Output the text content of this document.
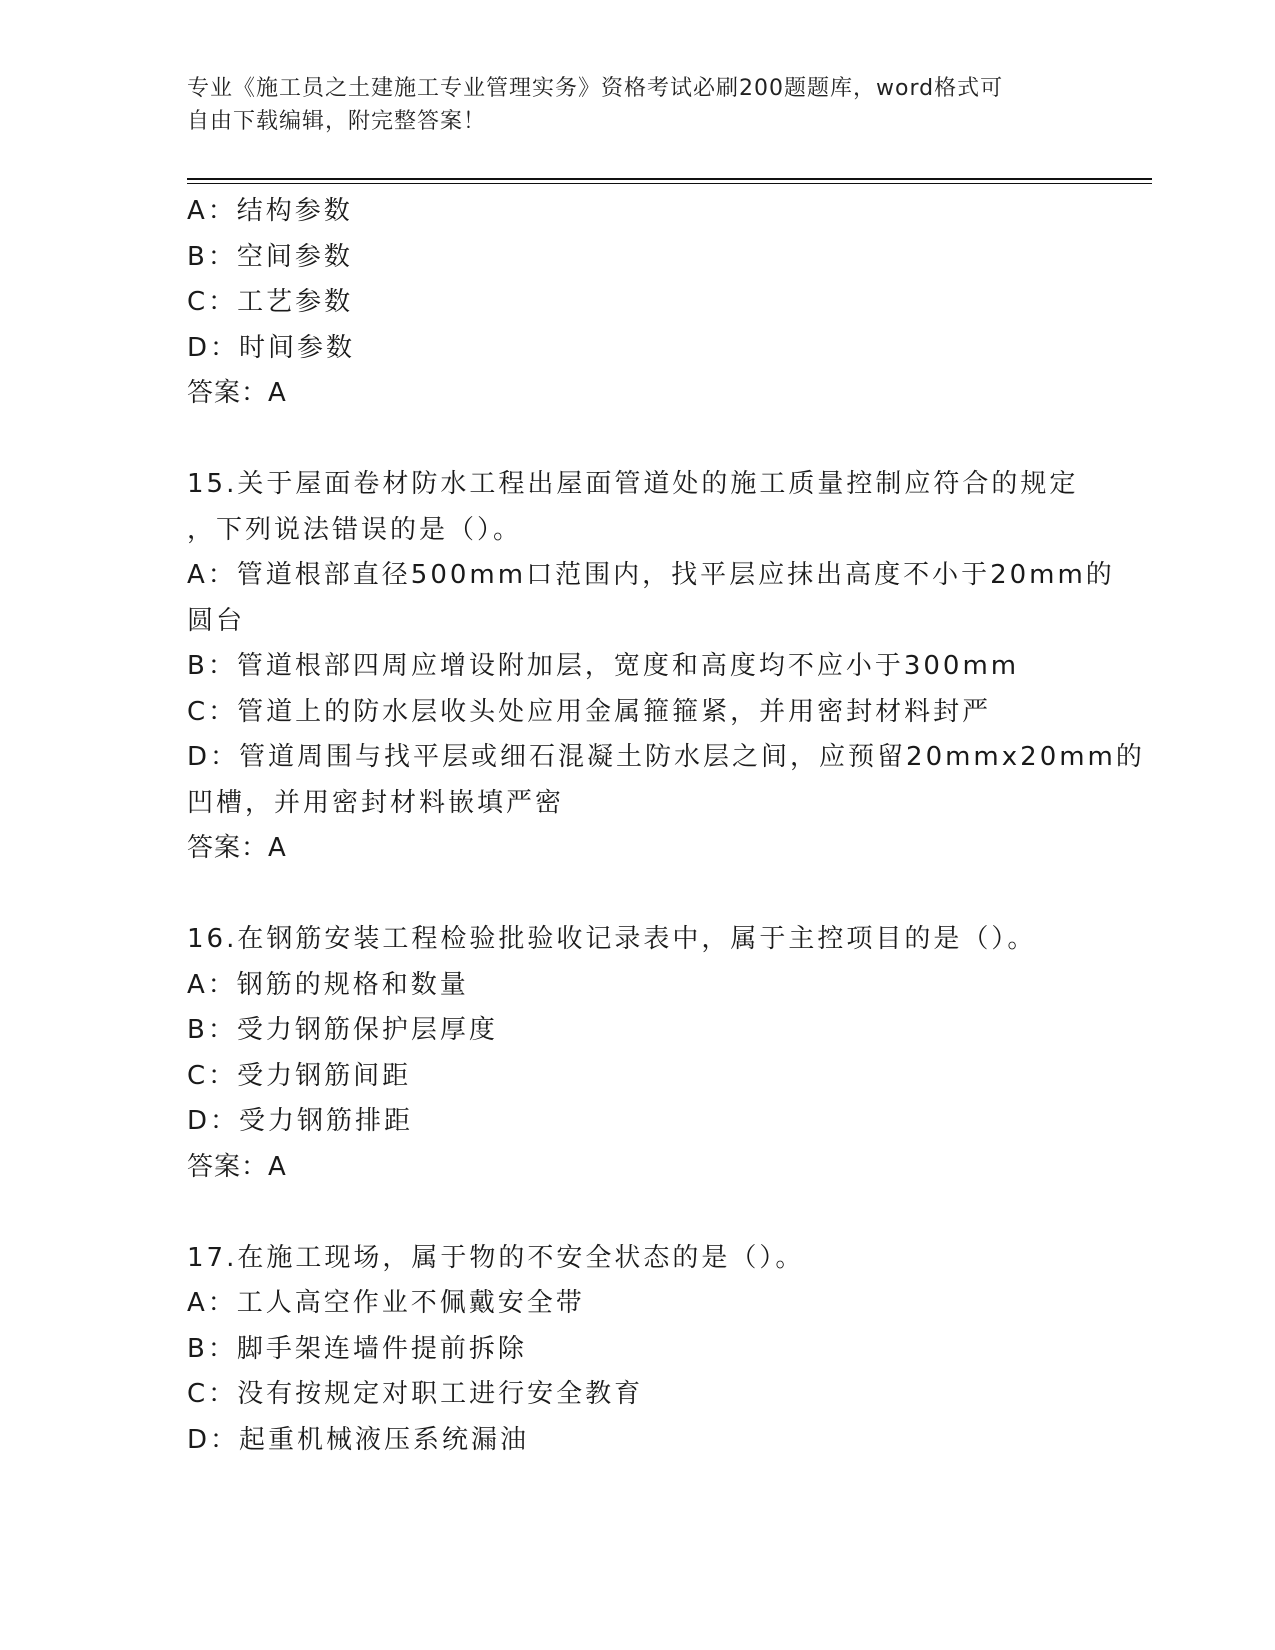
专业《施工员之土建施工专业管理实务》资格考试必刷200题题库，word格式可
自由下载编辑，附完整答案！
A：结构参数
B：空间参数
C：工艺参数
D：时间参数
答案：A
15.关于屋面卷材防水工程出屋面管道处的施工质量控制应符合的规定
，下列说法错误的是（）。
A：管道根部直径500mm口范围内，找平层应抹出高度不小于20mm的
圆台
B：管道根部四周应增设附加层，宽度和高度均不应小于300mm
C：管道上的防水层收头处应用金属箍箍紧，并用密封材料封严
D：管道周围与找平层或细石混凝土防水层之间，应预留20mmx20mm的
凹槽，并用密封材料嵌填严密
答案：A
16.在钢筋安装工程检验批验收记录表中，属于主控项目的是（）。
A：钢筋的规格和数量
B：受力钢筋保护层厚度
C：受力钢筋间距
D：受力钢筋排距
答案：A
17.在施工现场，属于物的不安全状态的是（）。
A：工人高空作业不佩戴安全带
B：脚手架连墙件提前拆除
C：没有按规定对职工进行安全教育
D：起重机械液压系统漏油
